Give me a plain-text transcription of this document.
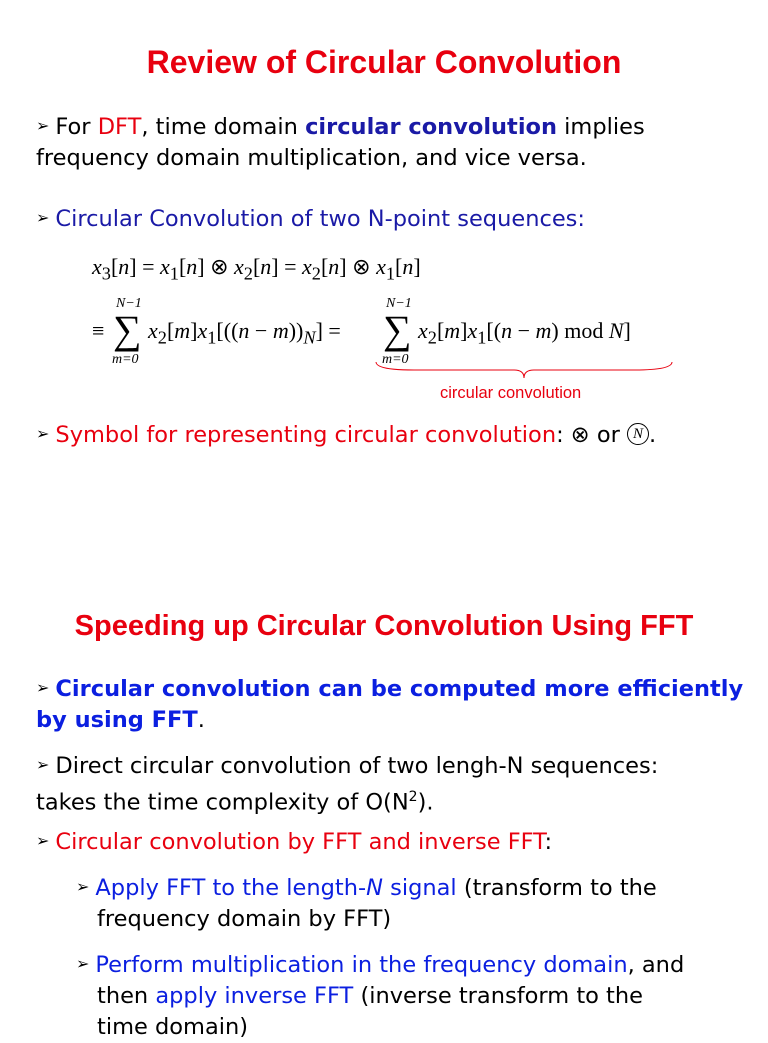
Review of Circular Convolution
➢ For DFT, time domain circular convolution implies
frequency domain multiplication, and vice versa.
➢ Circular Convolution of two N-point sequences:
$x_3[n] = x_1[n]$ ⊗ $x_2[n] = x_2[n]$ ⊗ $x_1[n]$
N−1
∑
m=0
≡ $x_2[m]x_1[((n - m))_N]$ =
N−1
∑
m=0
$x_2[m]x_1[(n - m)$ mod N]
circular convolution
➢ Symbol for representing circular convolution: ⊗ or N .
Speeding up Circular Convolution Using FFT
➢ Circular convolution can be computed more efficiently
by using FFT.
➢ Direct circular convolution of two lengh-N sequences:
takes the time complexity of $O(N^2)$.
➢ Circular convolution by FFT and inverse FFT:
➢ Apply FFT to the length-N signal (transform to the
frequency domain by FFT)
➢ Perform multiplication in the frequency domain, and
then apply inverse FFT (inverse transform to the
time domain)
